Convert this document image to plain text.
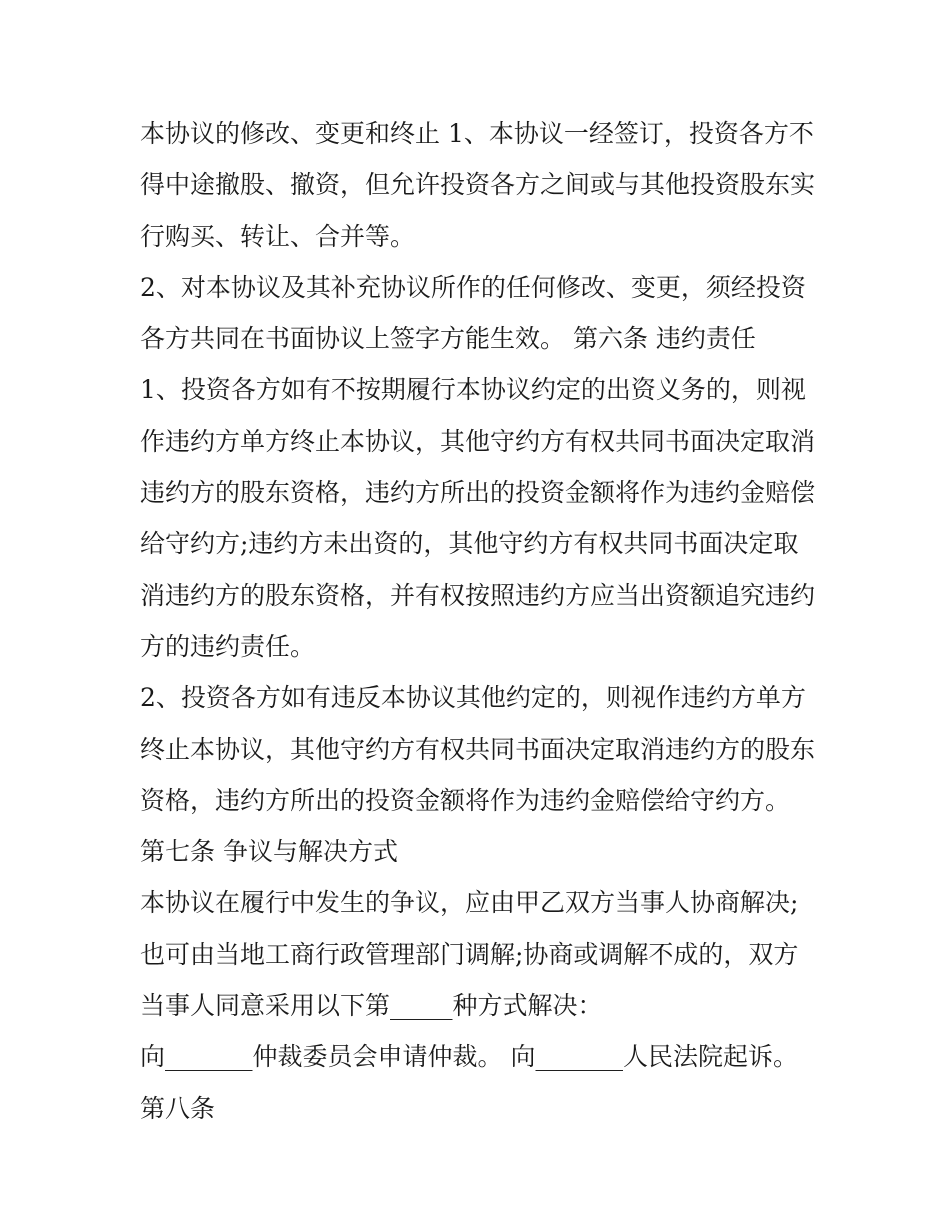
本协议的修改、变更和终止 1、本协议一经签订，投资各方不
得中途撤股、撤资，但允许投资各方之间或与其他投资股东实
行购买、转让、合并等。
2、对本协议及其补充协议所作的任何修改、变更，须经投资
各方共同在书面协议上签字方能生效。 第六条 违约责任
1、投资各方如有不按期履行本协议约定的出资义务的，则视
作违约方单方终止本协议，其他守约方有权共同书面决定取消
违约方的股东资格，违约方所出的投资金额将作为违约金赔偿
给守约方;违约方未出资的，其他守约方有权共同书面决定取
消违约方的股东资格，并有权按照违约方应当出资额追究违约
方的违约责任。
2、投资各方如有违反本协议其他约定的，则视作违约方单方
终止本协议，其他守约方有权共同书面决定取消违约方的股东
资格，违约方所出的投资金额将作为违约金赔偿给守约方。
第七条 争议与解决方式
本协议在履行中发生的争议，应由甲乙双方当事人协商解决;
也可由当地工商行政管理部门调解;协商或调解不成的，双方
当事人同意采用以下第_____种方式解决：
向_______仲裁委员会申请仲裁。 向_______人民法院起诉。
第八条
